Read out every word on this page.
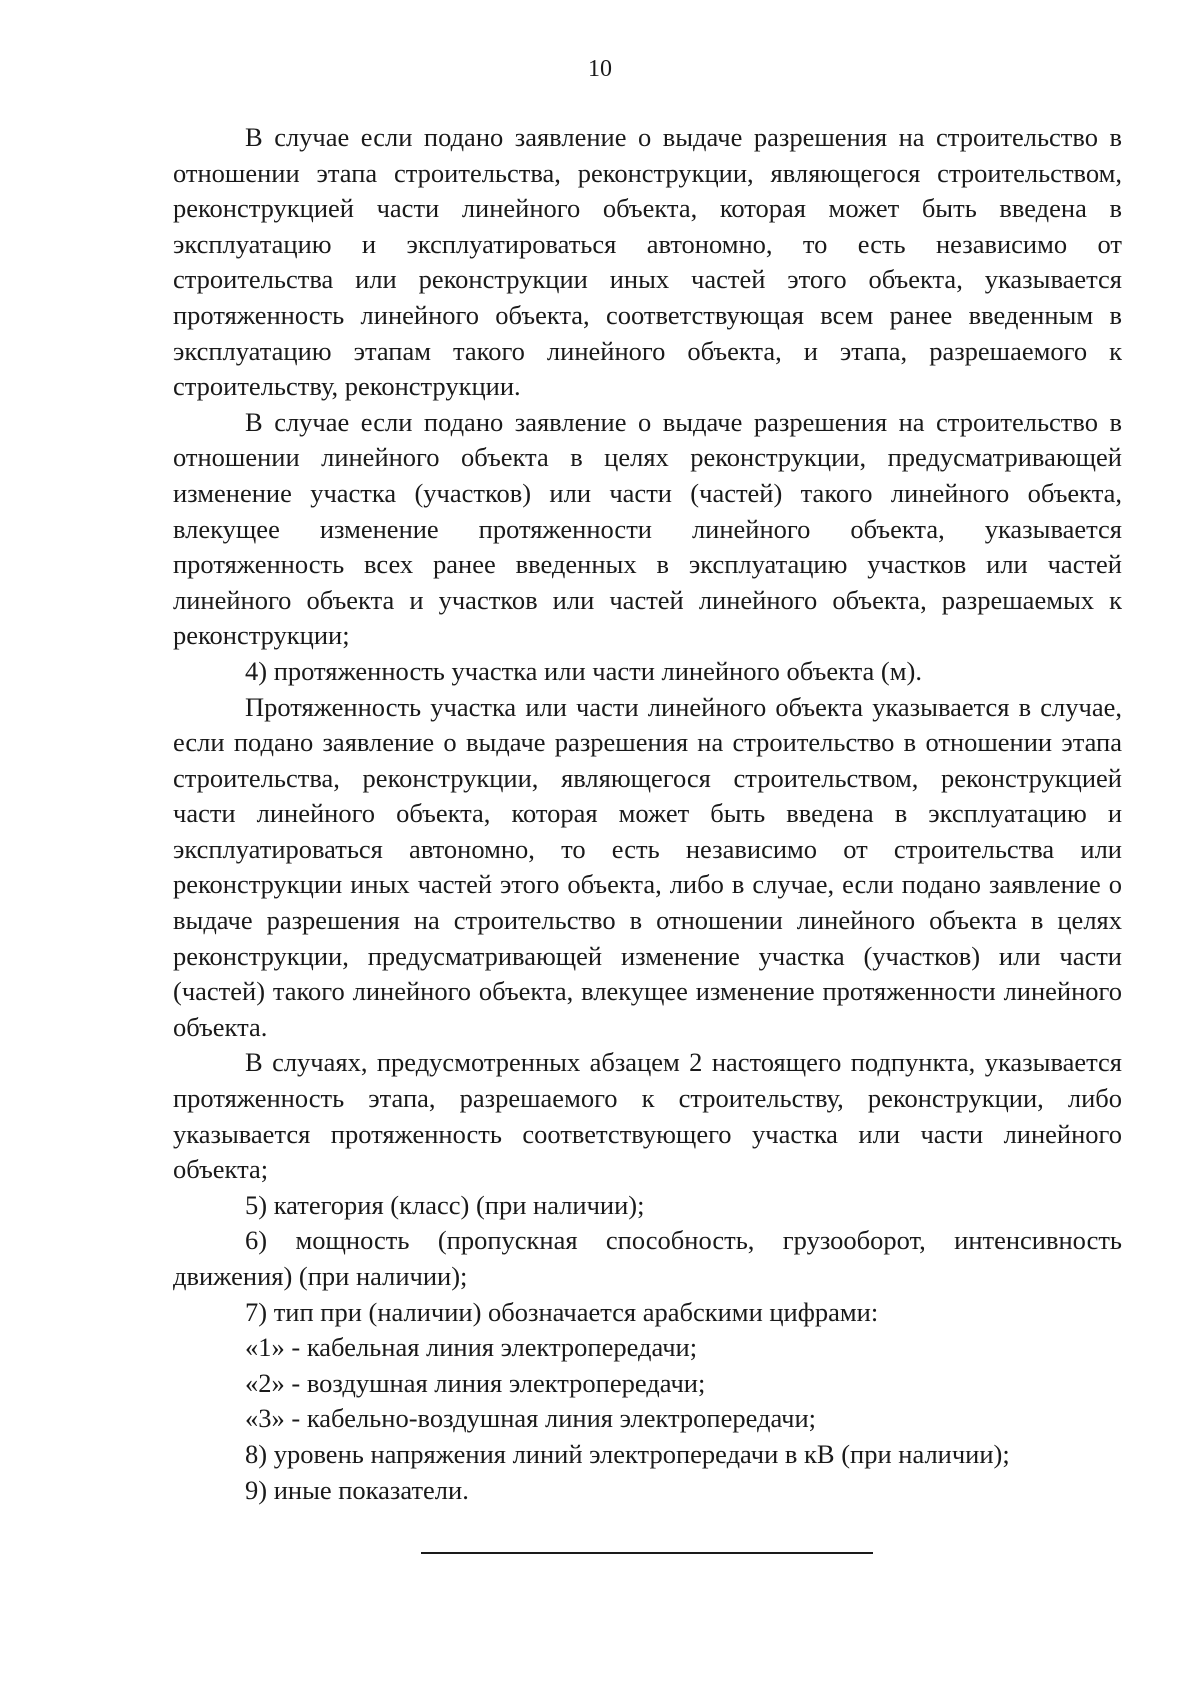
10

В случае если подано заявление о выдаче разрешения на строительство в отношении этапа строительства, реконструкции, являющегося строительством, реконструкцией части линейного объекта, которая может быть введена в эксплуатацию и эксплуатироваться автономно, то есть независимо от строительства или реконструкции иных частей этого объекта, указывается протяженность линейного объекта, соответствующая всем ранее введенным в эксплуатацию этапам такого линейного объекта, и этапа, разрешаемого к строительству, реконструкции.

В случае если подано заявление о выдаче разрешения на строительство в отношении линейного объекта в целях реконструкции, предусматривающей изменение участка (участков) или части (частей) такого линейного объекта, влекущее изменение протяженности линейного объекта, указывается протяженность всех ранее введенных в эксплуатацию участков или частей линейного объекта и участков или частей линейного объекта, разрешаемых к реконструкции;

4) протяженность участка или части линейного объекта (м).

Протяженность участка или части линейного объекта указывается в случае, если подано заявление о выдаче разрешения на строительство в отношении этапа строительства, реконструкции, являющегося строительством, реконструкцией части линейного объекта, которая может быть введена в эксплуатацию и эксплуатироваться автономно, то есть независимо от строительства или реконструкции иных частей этого объекта, либо в случае, если подано заявление о выдаче разрешения на строительство в отношении линейного объекта в целях реконструкции, предусматривающей изменение участка (участков) или части (частей) такого линейного объекта, влекущее изменение протяженности линейного объекта.

В случаях, предусмотренных абзацем 2 настоящего подпункта, указывается протяженность этапа, разрешаемого к строительству, реконструкции, либо указывается протяженность соответствующего участка или части линейного объекта;

5) категория (класс) (при наличии);

6) мощность (пропускная способность, грузооборот, интенсивность движения) (при наличии);

7) тип при (наличии) обозначается арабскими цифрами:

«1» - кабельная линия электропередачи;

«2» - воздушная линия электропередачи;

«3» - кабельно-воздушная линия электропередачи;

8) уровень напряжения линий электропередачи в кВ (при наличии);

9) иные показатели.
